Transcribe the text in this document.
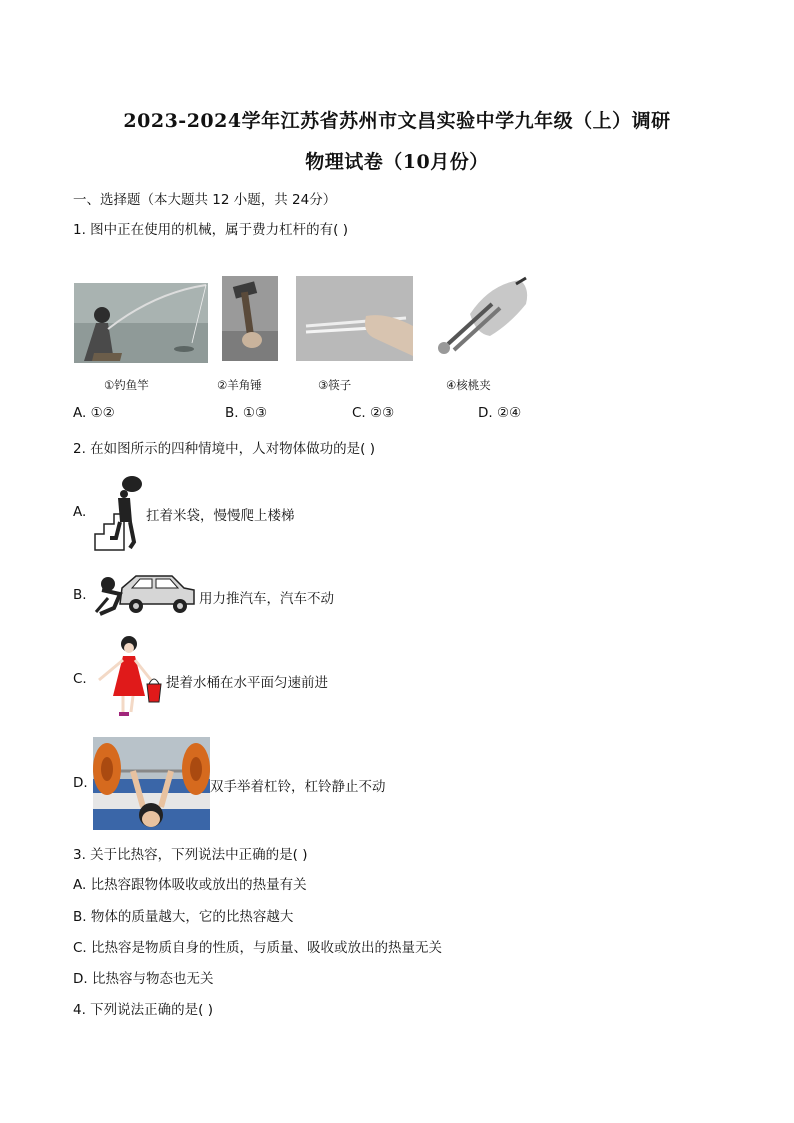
2023-2024学年江苏省苏州市文昌实验中学九年级（上）调研
物理试卷（10月份）
一、选择题（本大题共 12 小题，共 24分）
1. 图中正在使用的机械，属于费力杠杆的有( )
①钓鱼竿	②羊角锤	③筷子	④核桃夹
A. ①②	B. ①③	C. ②③	D. ②④
2. 在如图所示的四种情境中，人对物体做功的是( )
A.	扛着米袋，慢慢爬上楼梯
B.	用力推汽车，汽车不动
C.	提着水桶在水平面匀速前进
D.	双手举着杠铃，杠铃静止不动
3. 关于比热容，下列说法中正确的是( )
A. 比热容跟物体吸收或放出的热量有关
B. 物体的质量越大，它的比热容越大
C. 比热容是物质自身的性质，与质量、吸收或放出的热量无关
D. 比热容与物态也无关
4. 下列说法正确的是( )
